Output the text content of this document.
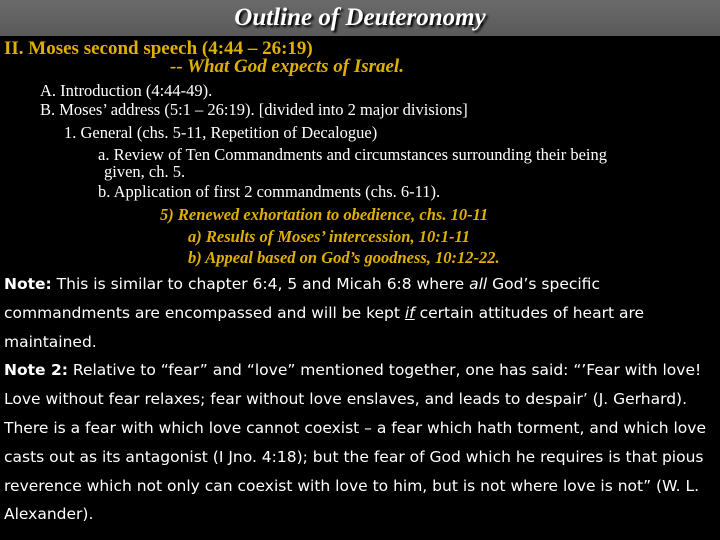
Outline of Deuteronomy
II. Moses second speech (4:44 – 26:19)
-- What God expects of Israel.
A. Introduction (4:44-49).
B. Moses’ address (5:1 – 26:19). [divided into 2 major divisions]
1. General (chs. 5-11, Repetition of Decalogue)
a. Review of Ten Commandments and circumstances surrounding their being
given, ch. 5.
b. Application of first 2 commandments (chs. 6-11).
5) Renewed exhortation to obedience, chs. 10-11
a) Results of Moses’ intercession, 10:1-11
b) Appeal based on God’s goodness, 10:12-22.

Note: This is similar to chapter 6:4, 5 and Micah 6:8 where all God’s specific commandments are encompassed and will be kept if certain attitudes of heart are maintained.

Note 2: Relative to “fear” and “love” mentioned together, one has said: “’Fear with love! Love without fear relaxes; fear without love enslaves, and leads to despair’ (J. Gerhard). There is a fear with which love cannot coexist – a fear which hath torment, and which love casts out as its antagonist (I Jno. 4:18); but the fear of God which he requires is that pious reverence which not only can coexist with love to him, but is not where love is not” (W. L. Alexander).
